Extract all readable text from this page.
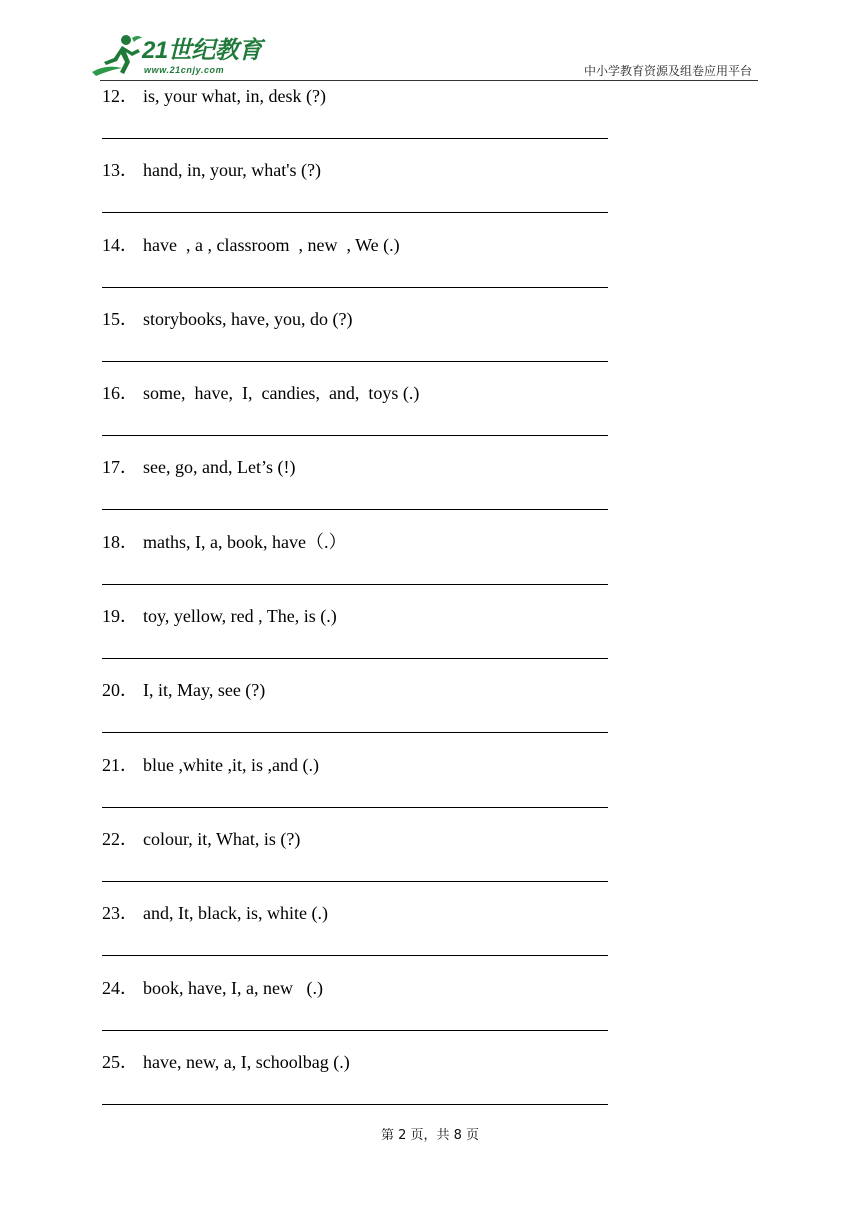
21世纪教育
www.21cnjy.com	中小学教育资源及组卷应用平台
12． is, your what, in, desk (?)
13． hand, in, your, what's (?)
14． have  , a , classroom  , new  , We (.)
15． storybooks, have, you, do (?)
16． some,  have,  I,  candies,  and,  toys (.)
17． see, go, and, Let’s (!)
18． maths, I, a, book, have（.）
19． toy, yellow, red , The, is (.)
20． I, it, May, see (?)
21． blue ,white ,it, is ,and (.)
22． colour, it, What, is (?)
23． and, It, black, is, white (.)
24． book, have, I, a, new   (.)
25． have, new, a, I, schoolbag (.)
第 2 页，共 8 页
